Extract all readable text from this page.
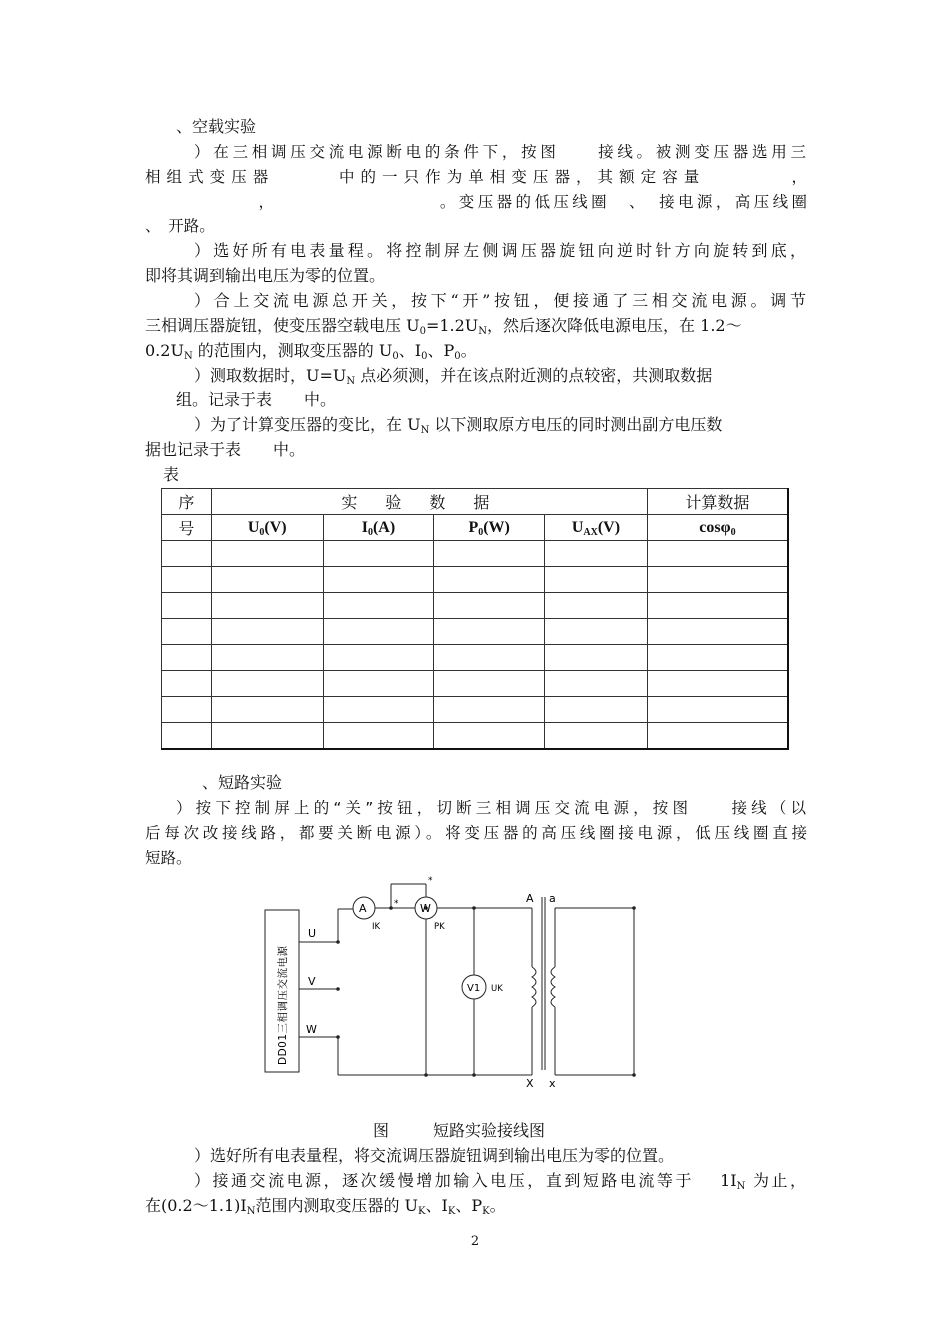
、空载实验
）在三相调压交流电源断电的条件下，按图　　接线。被测变压器选用三
相组式变压器　　　中的一只作为单相变压器，其额定容量　　　　，
　　　　　　，　　　　　　　　　。变压器的低压线圈　、　接电源，高压线圈
、　开路。
）选好所有电表量程。将控制屏左侧调压器旋钮向逆时针方向旋转到底，
即将其调到输出电压为零的位置。
）合上交流电源总开关，按下“开”按钮，便接通了三相交流电源。调节
三相调压器旋钮，使变压器空载电压 $U_0=1.2U_N$，然后逐次降低电源电压，在 1.2～
$0.2U_N$ 的范围内，测取变压器的 $U_0$、$I_0$、$P_0$。
）测取数据时，$U=U_N$ 点必须测，并在该点附近测的点较密，共测取数据
组。记录于表　　中。
）为了计算变压器的变比，在 $U_N$ 以下测取原方电压的同时测出副方电压数
据也记录于表　　中。
表
序	实验数据				计算数据
号	$U_0(V)$	$I_0(A)$	$P_0(W)$	$U_{AX}(V)$	cosφ$_0$

、短路实验
）按下控制屏上的“关”按钮，切断三相调压交流电源，按图　　接线（以
后每次改接线路，都要关断电源）。将变压器的高压线圈接电源，低压线圈直接
短路。
DD01三相调压交流电源
U
V
W
A	W
V1
IK	PK
UK
*
*
A a
X x
图	短路实验接线图
）选好所有电表量程，将交流调压器旋钮调到输出电压为零的位置。
）接通交流电源，逐次缓慢增加输入电压，直到短路电流等于　 $1I_N$ 为止，
在$(0.2\sim 1.1)I_N$范围内测取变压器的 $U_K$、$I_K$、$P_K$。
2
